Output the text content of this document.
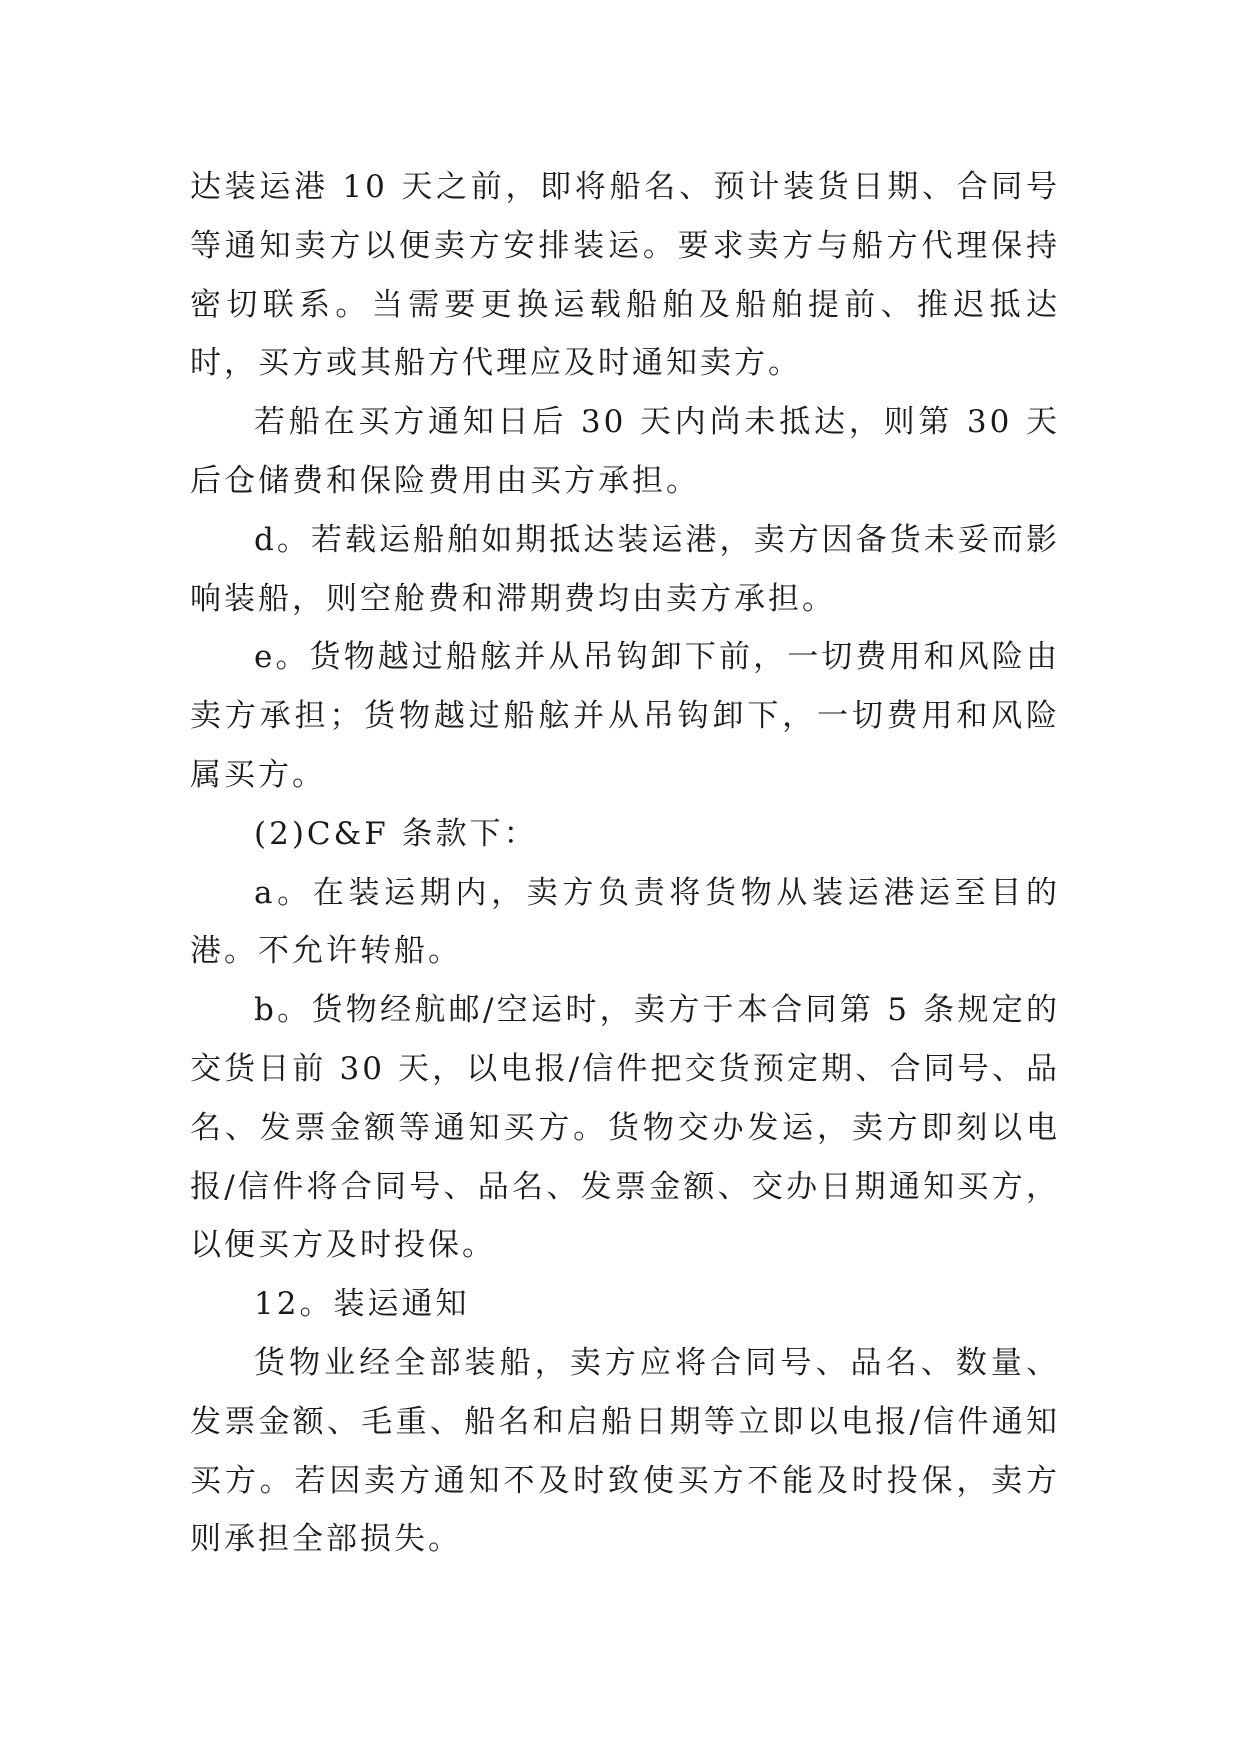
达装运港 10 天之前，即将船名、预计装货日期、合同号等通知卖方以便卖方安排装运。要求卖方与船方代理保持密切联系。当需要更换运载船舶及船舶提前、推迟抵达时，买方或其船方代理应及时通知卖方。

若船在买方通知日后 30 天内尚未抵达，则第 30 天后仓储费和保险费用由买方承担。

d。若载运船舶如期抵达装运港，卖方因备货未妥而影响装船，则空舱费和滞期费均由卖方承担。

e。货物越过船舷并从吊钩卸下前，一切费用和风险由卖方承担；货物越过船舷并从吊钩卸下，一切费用和风险属买方。

(2)C&F 条款下：

a。在装运期内，卖方负责将货物从装运港运至目的港。不允许转船。

b。货物经航邮/空运时，卖方于本合同第 5 条规定的交货日前 30 天，以电报/信件把交货预定期、合同号、品名、发票金额等通知买方。货物交办发运，卖方即刻以电报/信件将合同号、品名、发票金额、交办日期通知买方，以便买方及时投保。

12。装运通知

货物业经全部装船，卖方应将合同号、品名、数量、发票金额、毛重、船名和启船日期等立即以电报/信件通知买方。若因卖方通知不及时致使买方不能及时投保，卖方则承担全部损失。
